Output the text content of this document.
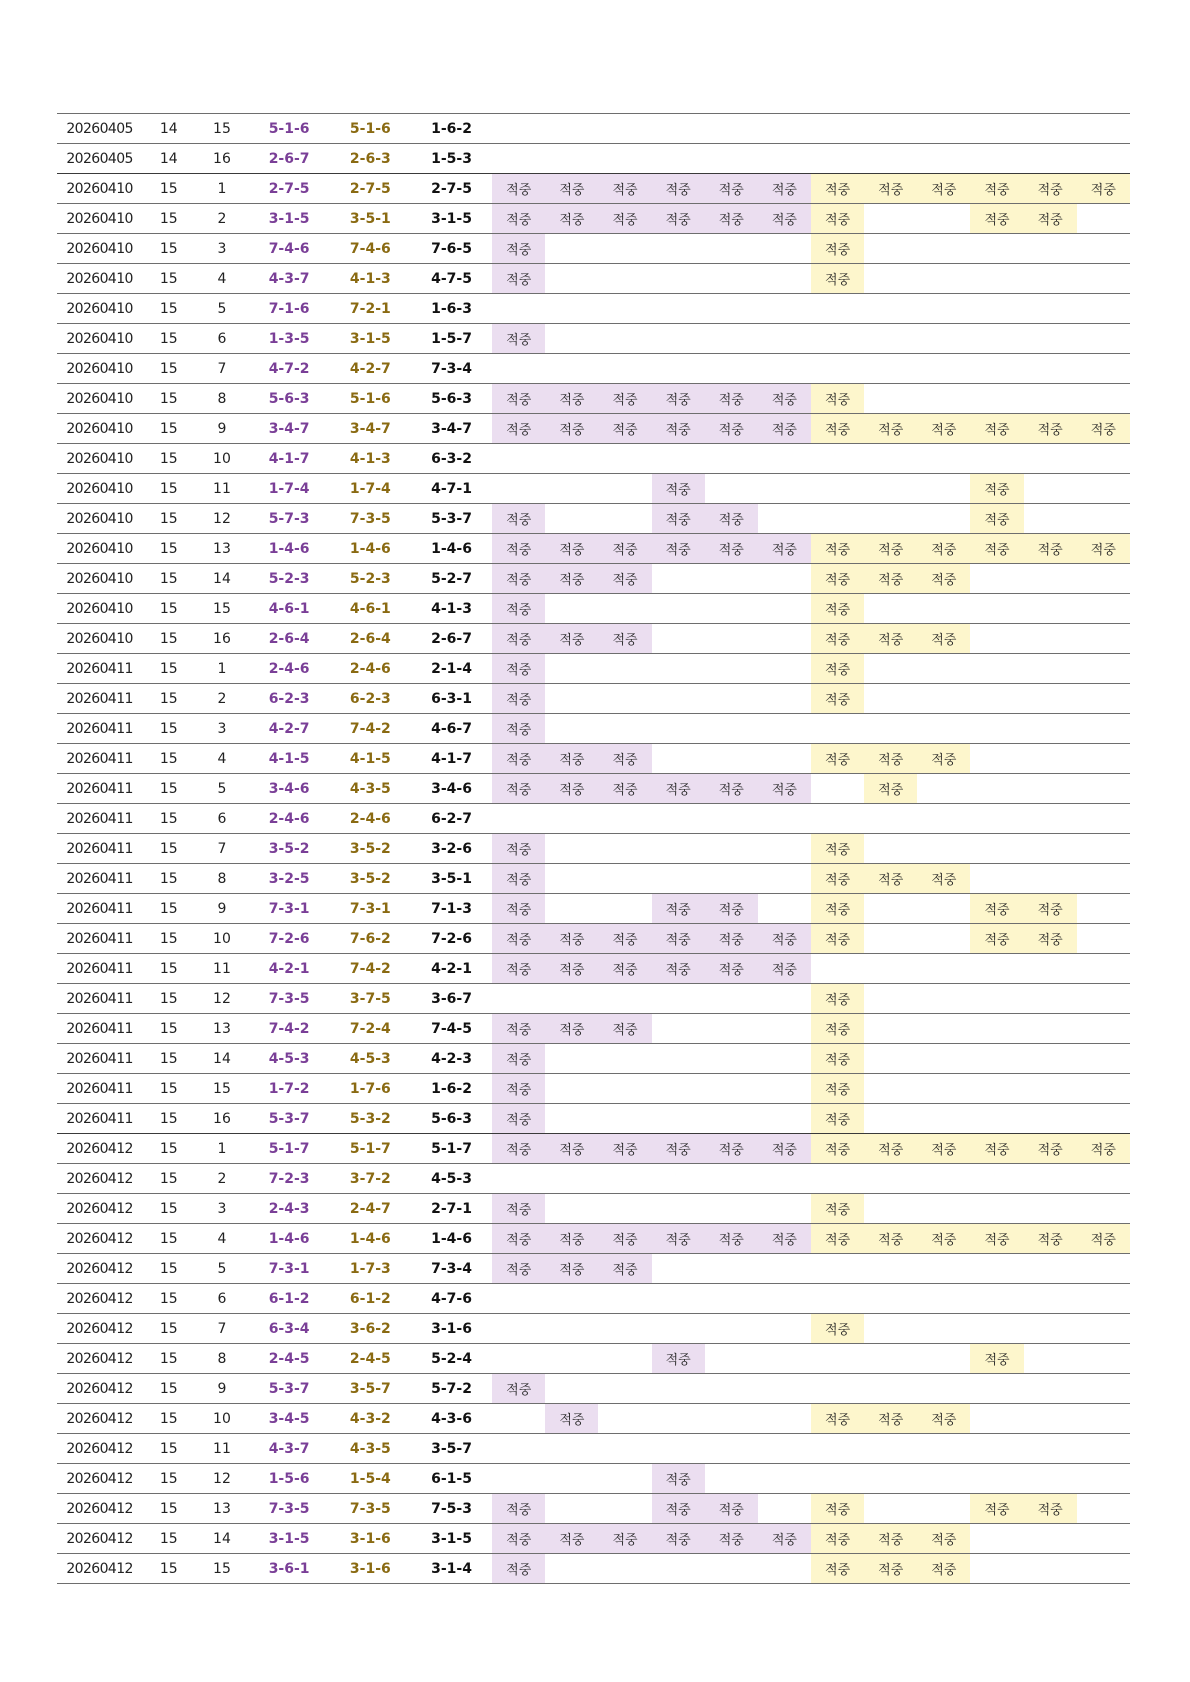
20260405	14	15	5-1-6	5-1-6	1-6-2												
20260405	14	16	2-6-7	2-6-3	1-5-3												
20260410	15	1	2-7-5	2-7-5	2-7-5	적중	적중	적중	적중	적중	적중	적중	적중	적중	적중	적중	적중
20260410	15	2	3-1-5	3-5-1	3-1-5	적중	적중	적중	적중	적중	적중	적중			적중	적중	
20260410	15	3	7-4-6	7-4-6	7-6-5	적중						적중					
20260410	15	4	4-3-7	4-1-3	4-7-5	적중						적중					
20260410	15	5	7-1-6	7-2-1	1-6-3												
20260410	15	6	1-3-5	3-1-5	1-5-7	적중											
20260410	15	7	4-7-2	4-2-7	7-3-4												
20260410	15	8	5-6-3	5-1-6	5-6-3	적중	적중	적중	적중	적중	적중	적중					
20260410	15	9	3-4-7	3-4-7	3-4-7	적중	적중	적중	적중	적중	적중	적중	적중	적중	적중	적중	적중
20260410	15	10	4-1-7	4-1-3	6-3-2												
20260410	15	11	1-7-4	1-7-4	4-7-1				적중						적중		
20260410	15	12	5-7-3	7-3-5	5-3-7	적중			적중	적중					적중		
20260410	15	13	1-4-6	1-4-6	1-4-6	적중	적중	적중	적중	적중	적중	적중	적중	적중	적중	적중	적중
20260410	15	14	5-2-3	5-2-3	5-2-7	적중	적중	적중				적중	적중	적중			
20260410	15	15	4-6-1	4-6-1	4-1-3	적중						적중					
20260410	15	16	2-6-4	2-6-4	2-6-7	적중	적중	적중				적중	적중	적중			
20260411	15	1	2-4-6	2-4-6	2-1-4	적중						적중					
20260411	15	2	6-2-3	6-2-3	6-3-1	적중						적중					
20260411	15	3	4-2-7	7-4-2	4-6-7	적중											
20260411	15	4	4-1-5	4-1-5	4-1-7	적중	적중	적중				적중	적중	적중			
20260411	15	5	3-4-6	4-3-5	3-4-6	적중	적중	적중	적중	적중	적중		적중				
20260411	15	6	2-4-6	2-4-6	6-2-7												
20260411	15	7	3-5-2	3-5-2	3-2-6	적중						적중					
20260411	15	8	3-2-5	3-5-2	3-5-1	적중						적중	적중	적중			
20260411	15	9	7-3-1	7-3-1	7-1-3	적중			적중	적중		적중			적중	적중	
20260411	15	10	7-2-6	7-6-2	7-2-6	적중	적중	적중	적중	적중	적중	적중			적중	적중	
20260411	15	11	4-2-1	7-4-2	4-2-1	적중	적중	적중	적중	적중	적중						
20260411	15	12	7-3-5	3-7-5	3-6-7							적중					
20260411	15	13	7-4-2	7-2-4	7-4-5	적중	적중	적중				적중					
20260411	15	14	4-5-3	4-5-3	4-2-3	적중						적중					
20260411	15	15	1-7-2	1-7-6	1-6-2	적중						적중					
20260411	15	16	5-3-7	5-3-2	5-6-3	적중						적중					
20260412	15	1	5-1-7	5-1-7	5-1-7	적중	적중	적중	적중	적중	적중	적중	적중	적중	적중	적중	적중
20260412	15	2	7-2-3	3-7-2	4-5-3												
20260412	15	3	2-4-3	2-4-7	2-7-1	적중						적중					
20260412	15	4	1-4-6	1-4-6	1-4-6	적중	적중	적중	적중	적중	적중	적중	적중	적중	적중	적중	적중
20260412	15	5	7-3-1	1-7-3	7-3-4	적중	적중	적중									
20260412	15	6	6-1-2	6-1-2	4-7-6												
20260412	15	7	6-3-4	3-6-2	3-1-6							적중					
20260412	15	8	2-4-5	2-4-5	5-2-4				적중						적중		
20260412	15	9	5-3-7	3-5-7	5-7-2	적중											
20260412	15	10	3-4-5	4-3-2	4-3-6		적중					적중	적중	적중			
20260412	15	11	4-3-7	4-3-5	3-5-7												
20260412	15	12	1-5-6	1-5-4	6-1-5				적중								
20260412	15	13	7-3-5	7-3-5	7-5-3	적중			적중	적중		적중			적중	적중	
20260412	15	14	3-1-5	3-1-6	3-1-5	적중	적중	적중	적중	적중	적중	적중	적중	적중			
20260412	15	15	3-6-1	3-1-6	3-1-4	적중						적중	적중	적중			
